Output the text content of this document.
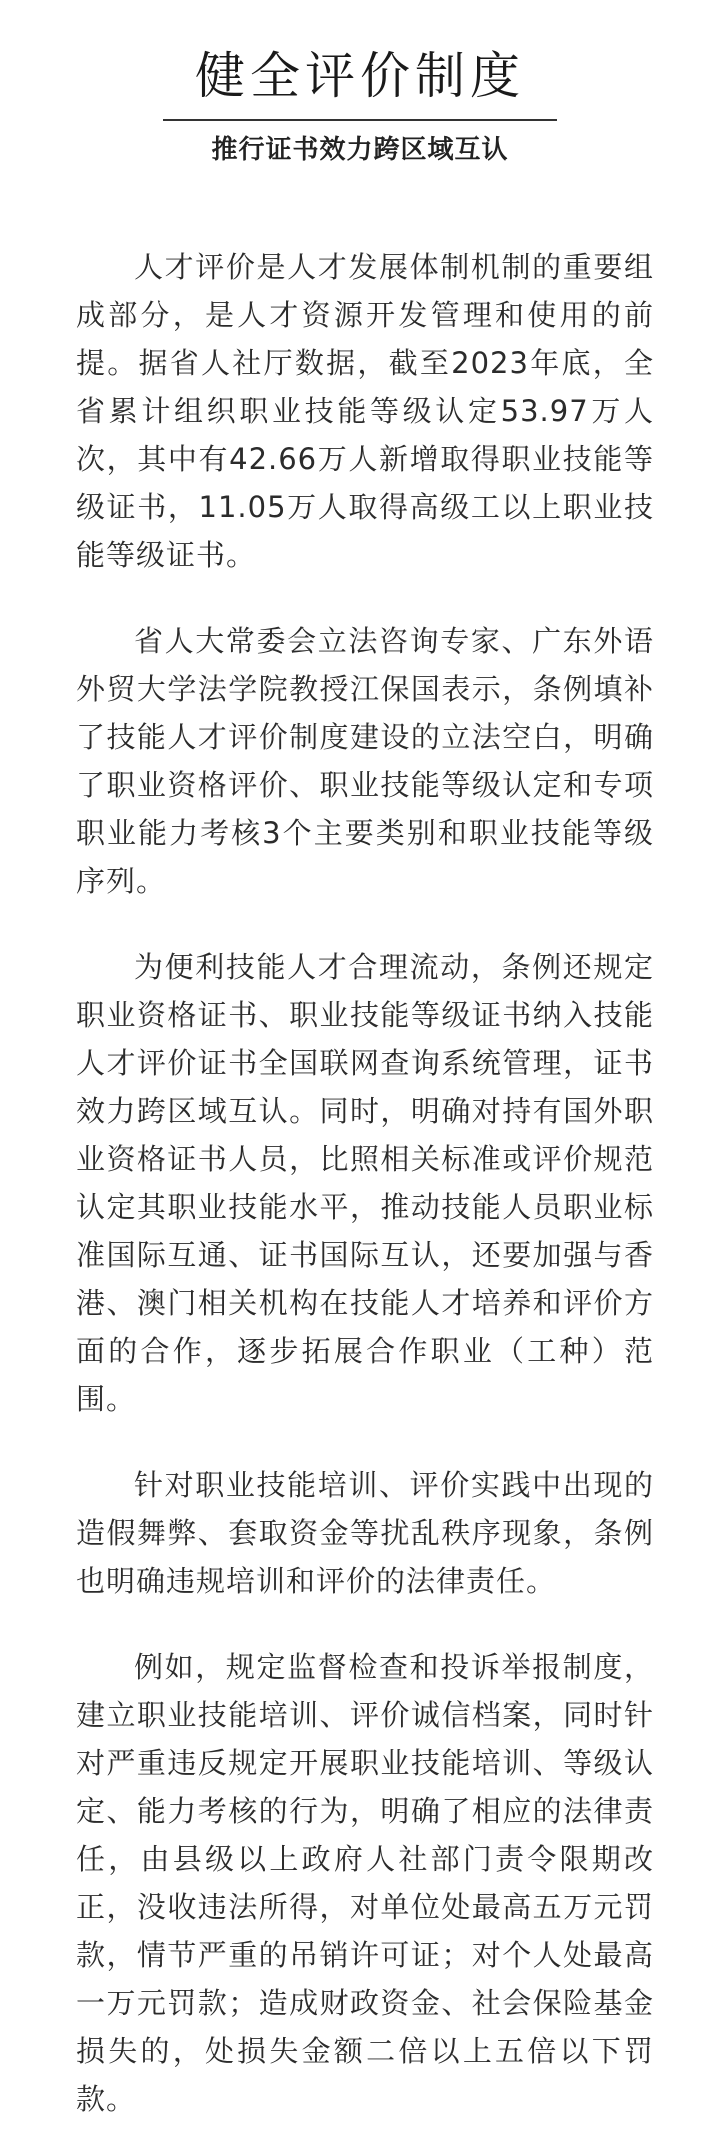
健全评价制度
推行证书效力跨区域互认

人才评价是人才发展体制机制的重要组成部分，是人才资源开发管理和使用的前提。据省人社厅数据，截至2023年底，全省累计组织职业技能等级认定53.97万人次，其中有42.66万人新增取得职业技能等级证书，11.05万人取得高级工以上职业技能等级证书。

省人大常委会立法咨询专家、广东外语外贸大学法学院教授江保国表示，条例填补了技能人才评价制度建设的立法空白，明确了职业资格评价、职业技能等级认定和专项职业能力考核3个主要类别和职业技能等级序列。

为便利技能人才合理流动，条例还规定职业资格证书、职业技能等级证书纳入技能人才评价证书全国联网查询系统管理，证书效力跨区域互认。同时，明确对持有国外职业资格证书人员，比照相关标准或评价规范认定其职业技能水平，推动技能人员职业标准国际互通、证书国际互认，还要加强与香港、澳门相关机构在技能人才培养和评价方面的合作，逐步拓展合作职业（工种）范围。

针对职业技能培训、评价实践中出现的造假舞弊、套取资金等扰乱秩序现象，条例也明确违规培训和评价的法律责任。

例如，规定监督检查和投诉举报制度，建立职业技能培训、评价诚信档案，同时针对严重违反规定开展职业技能培训、等级认定、能力考核的行为，明确了相应的法律责任，由县级以上政府人社部门责令限期改正，没收违法所得，对单位处最高五万元罚款，情节严重的吊销许可证；对个人处最高一万元罚款；造成财政资金、社会保险基金损失的，处损失金额二倍以上五倍以下罚款。
